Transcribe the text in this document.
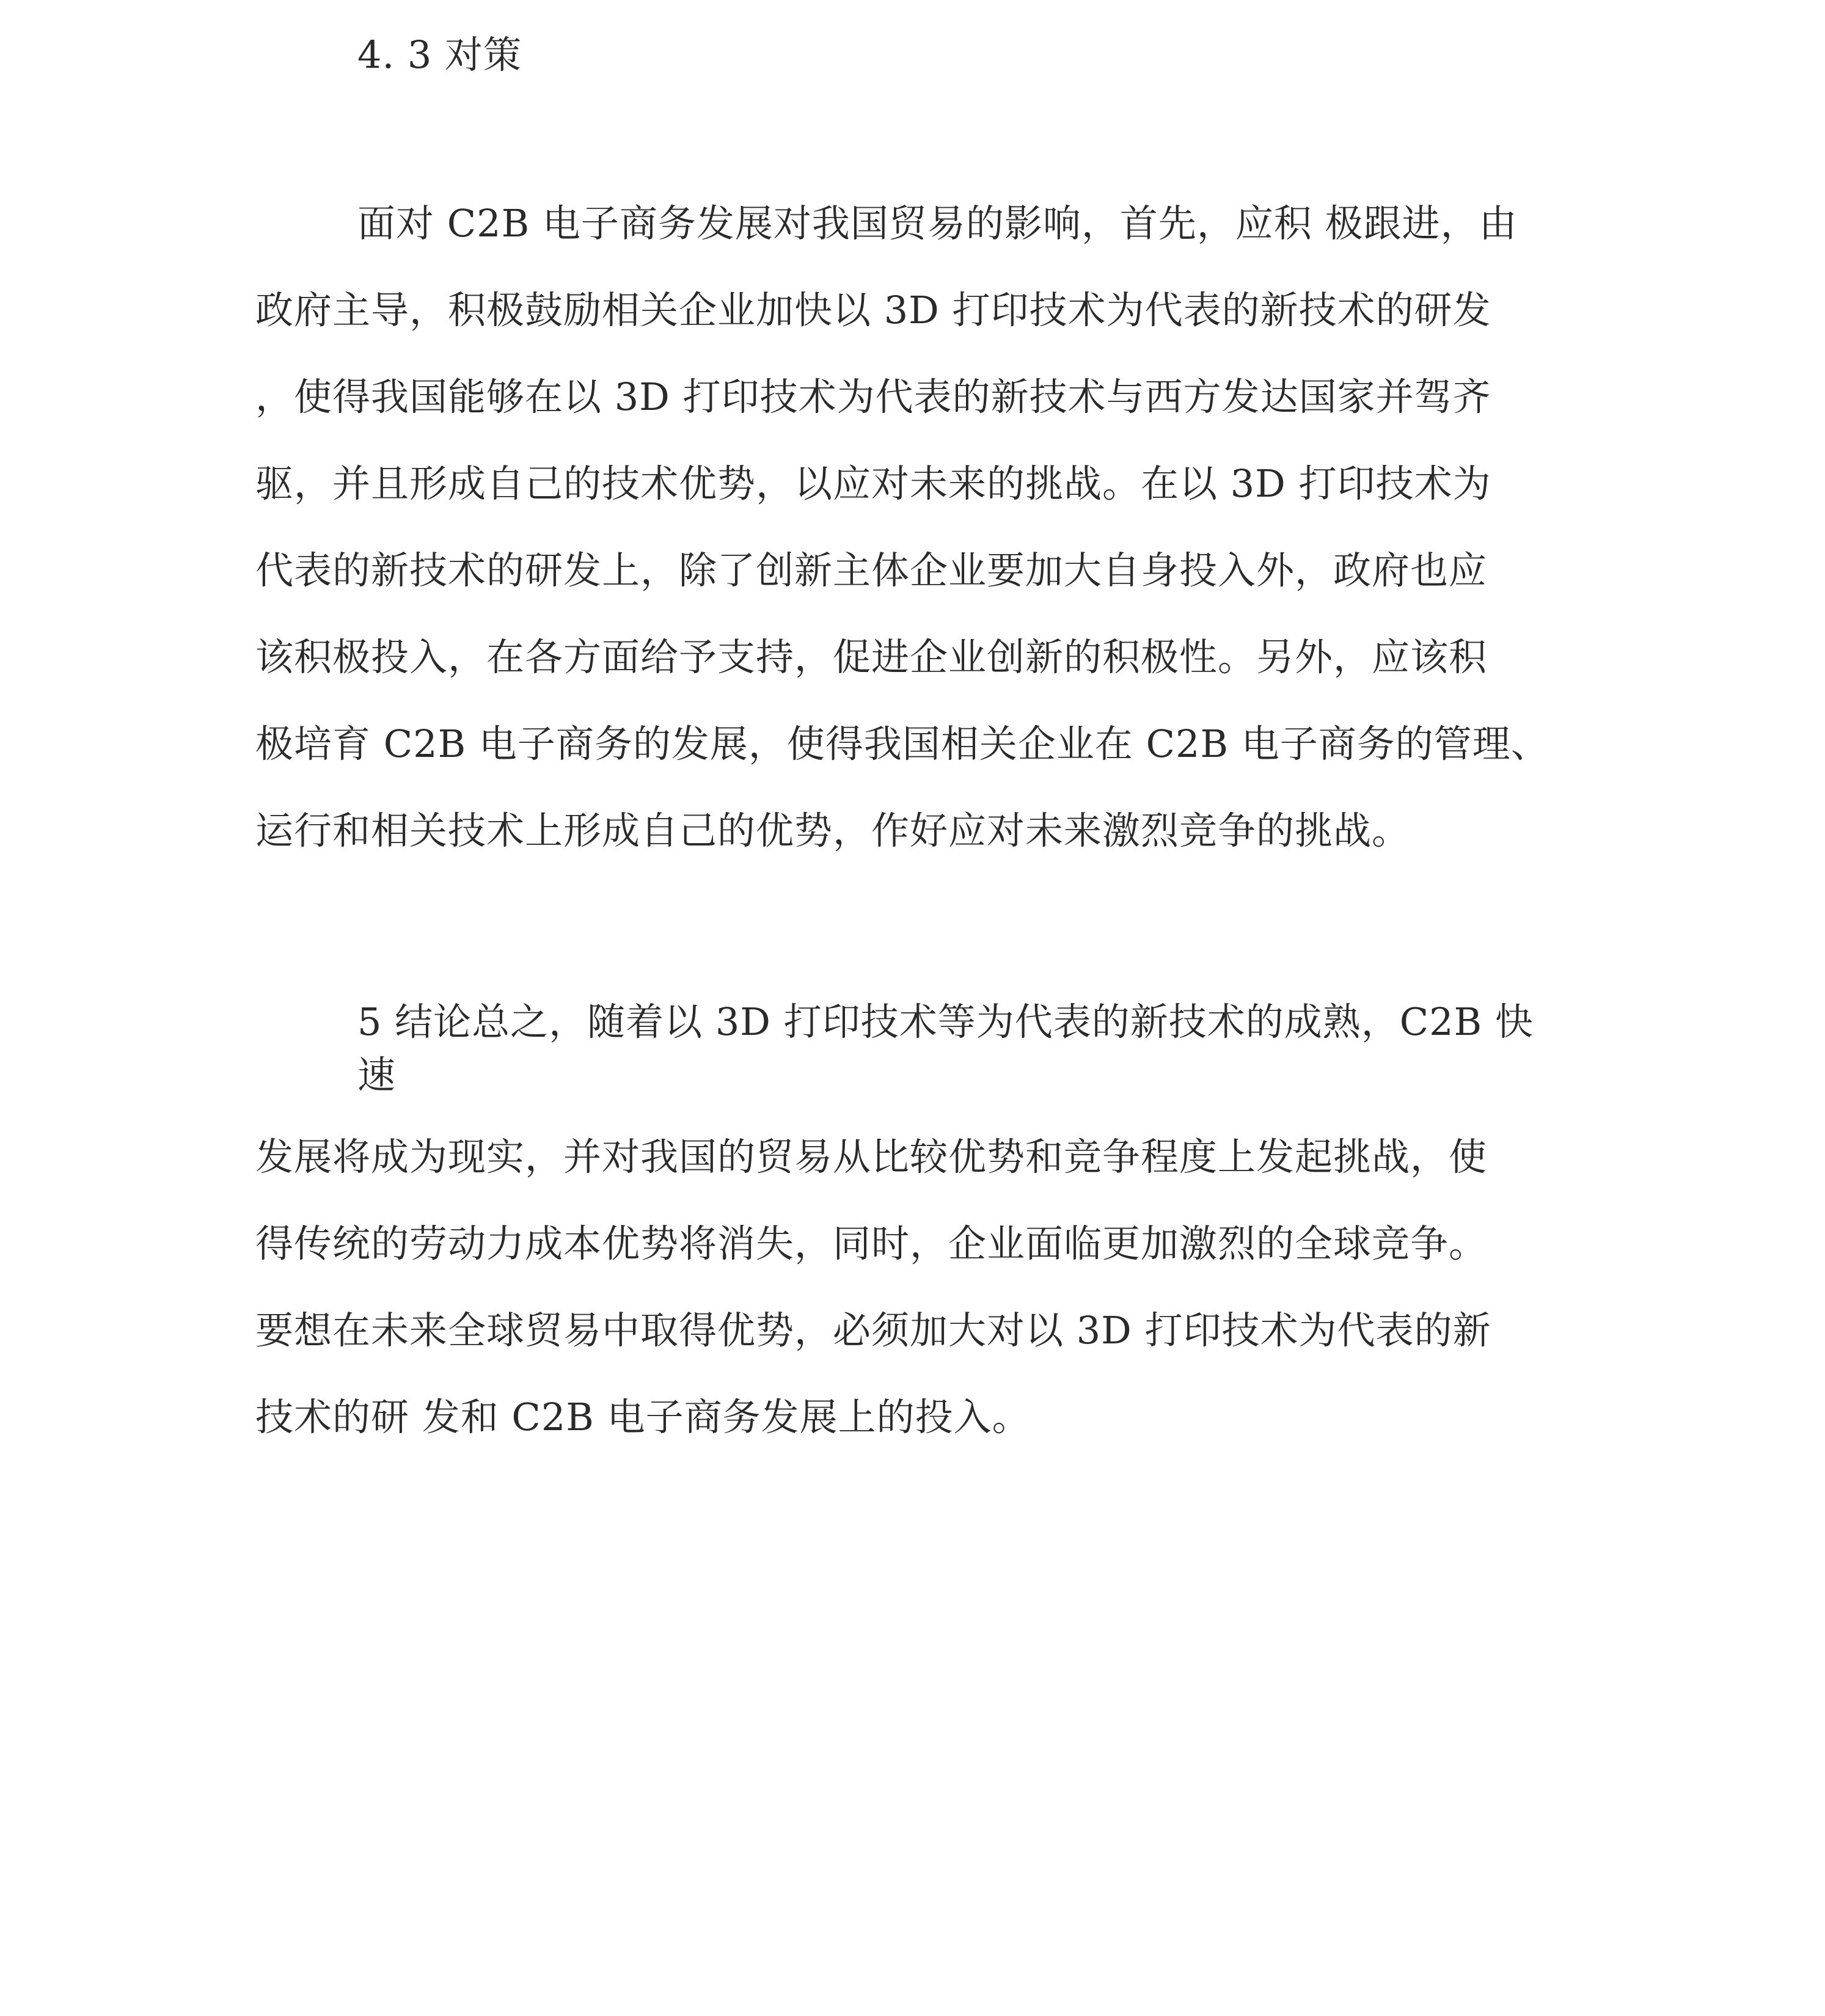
4. 3 对策
面对 C2B 电子商务发展对我国贸易的影响，首先，应积 极跟进，由
政府主导，积极鼓励相关企业加快以 3D 打印技术为代表的新技术的研发
，使得我国能够在以 3D 打印技术为代表的新技术与西方发达国家并驾齐
驱，并且形成自己的技术优势，以应对未来的挑战。在以 3D 打印技术为
代表的新技术的研发上，除了创新主体企业要加大自身投入外，政府也应
该积极投入，在各方面给予支持，促进企业创新的积极性。另外，应该积
极培育 C2B 电子商务的发展，使得我国相关企业在 C2B 电子商务的管理、
运行和相关技术上形成自己的优势，作好应对未来激烈竞争的挑战。
5 结论总之，随着以 3D 打印技术等为代表的新技术的成熟，C2B 快
速
发展将成为现实，并对我国的贸易从比较优势和竞争程度上发起挑战，使
得传统的劳动力成本优势将消失，同时，企业面临更加激烈的全球竞争。
要想在未来全球贸易中取得优势，必须加大对以 3D 打印技术为代表的新
技术的研 发和 C2B 电子商务发展上的投入。
